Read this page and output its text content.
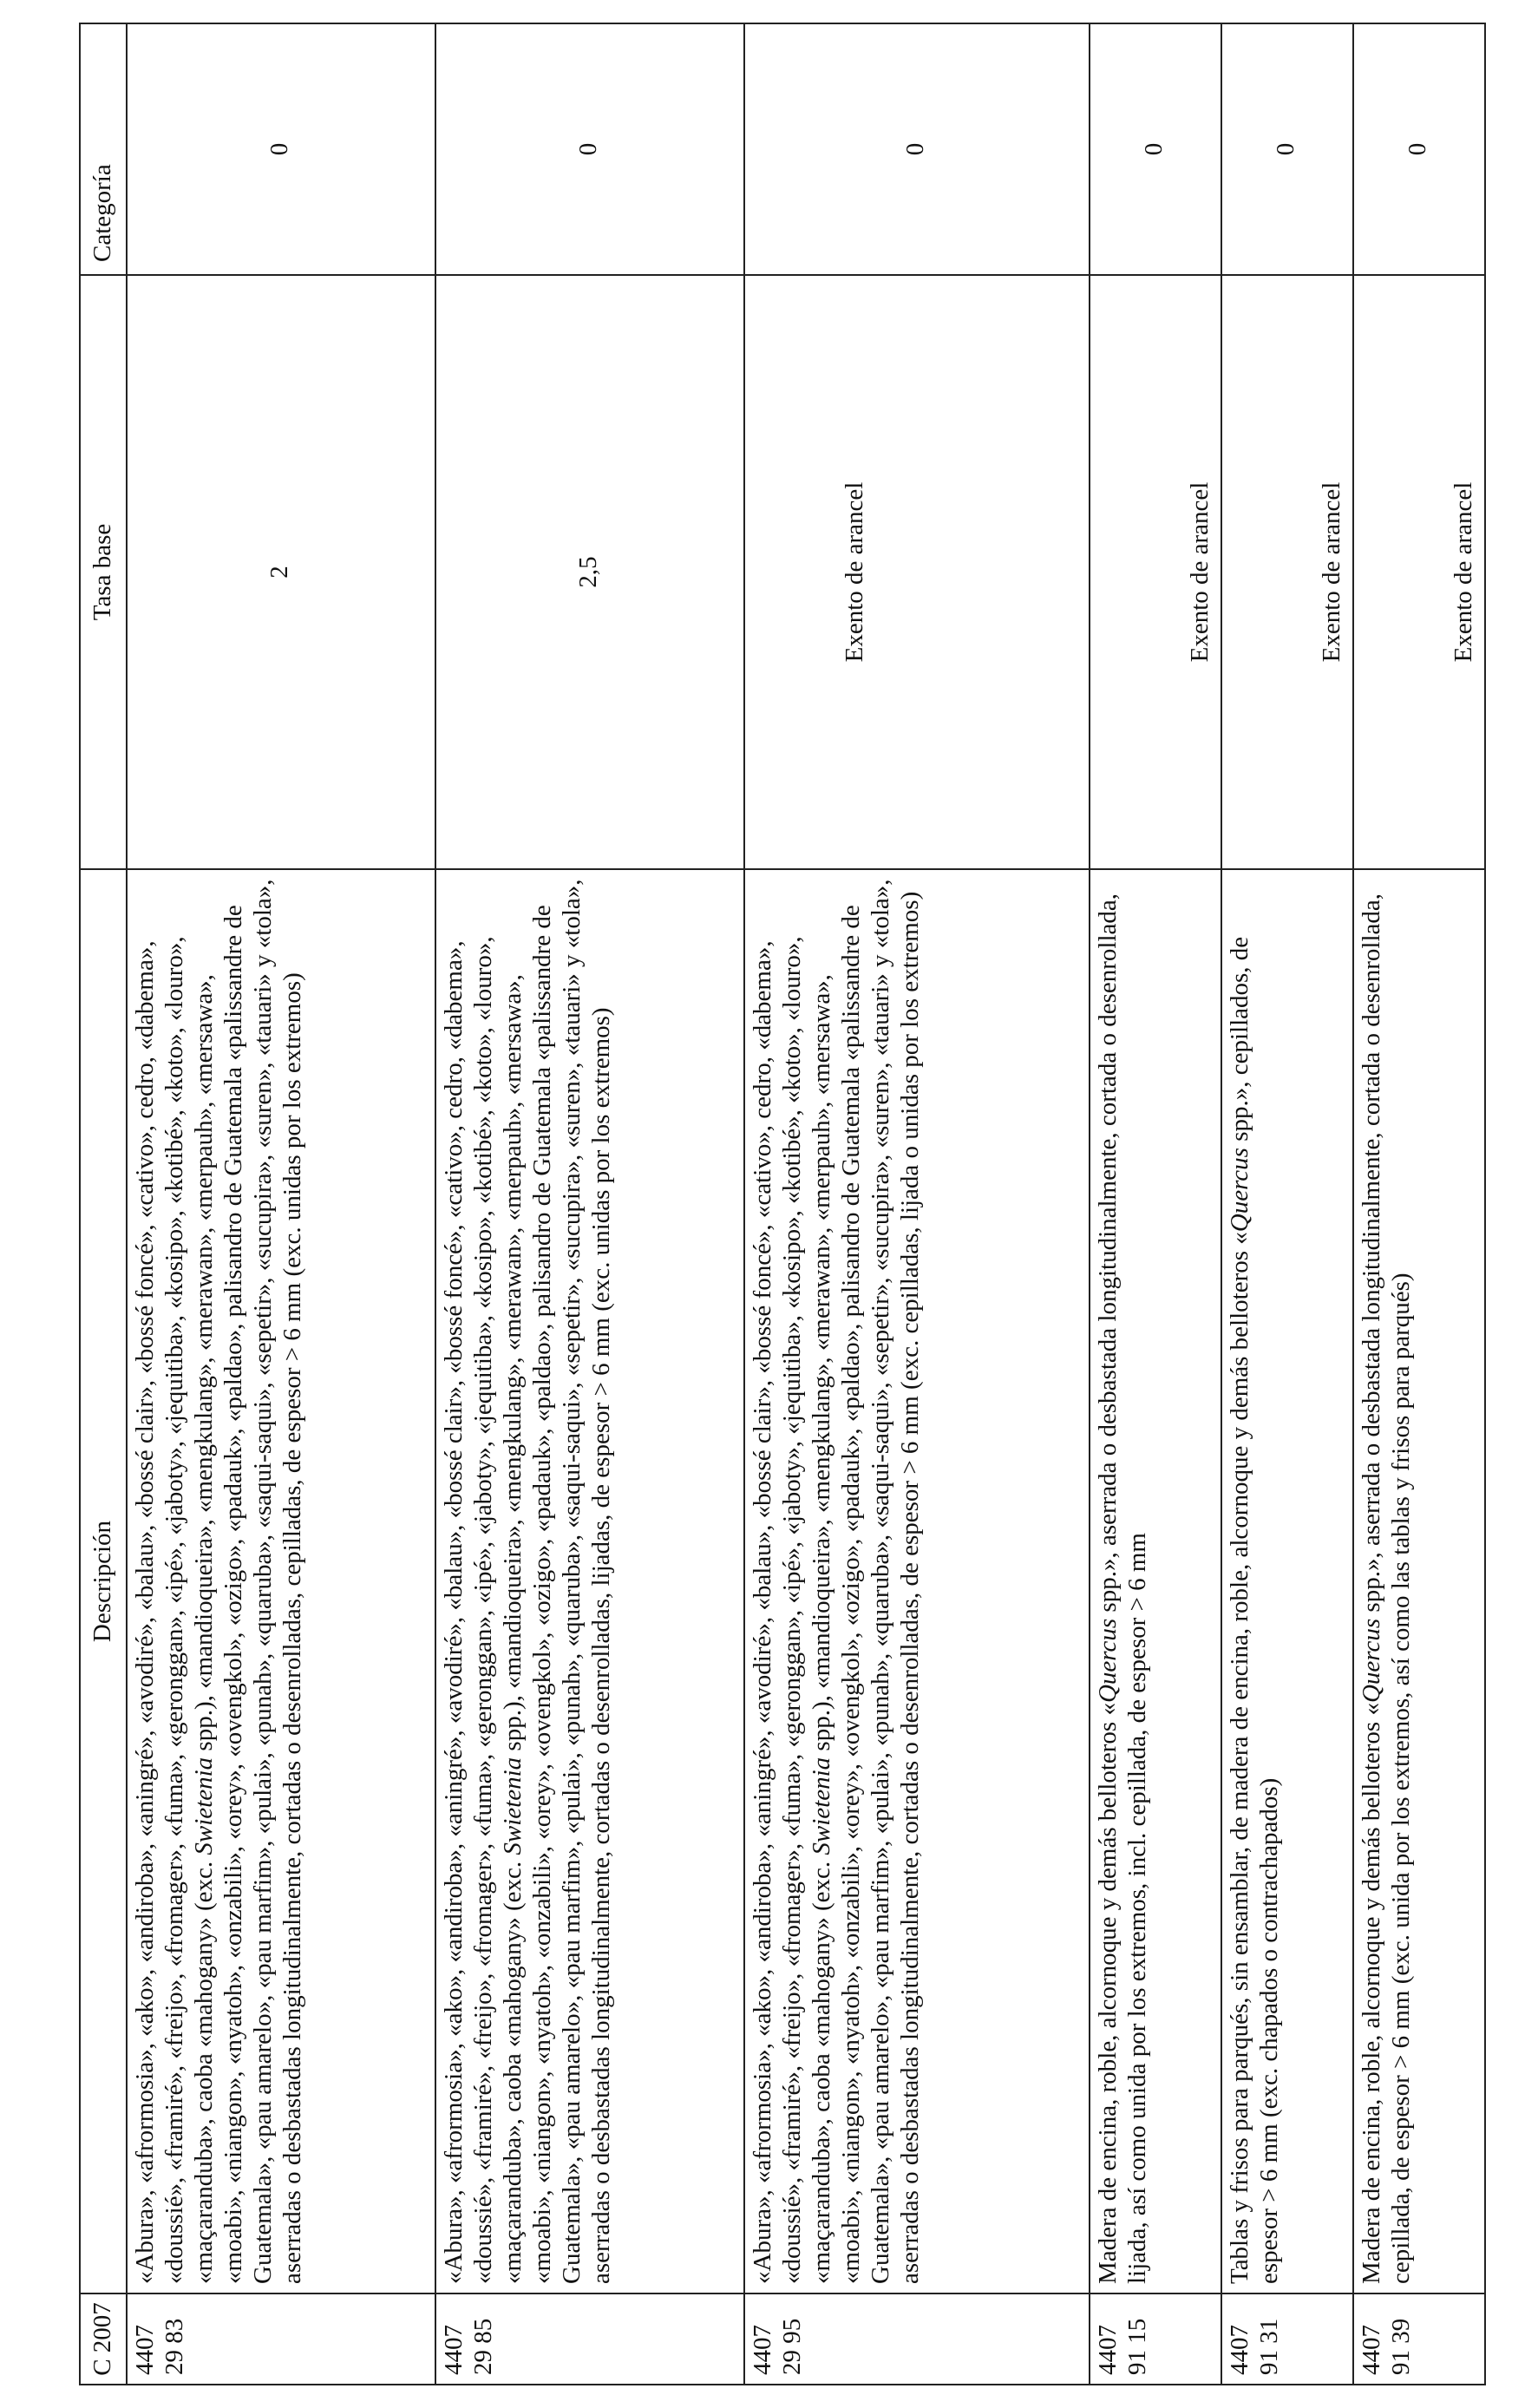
C 2007	Descripción	Tasa base	Categoría
4407 29 83	«Abura», «afrormosia», «ako», «andiroba», «aningré», «avodiré», «balau», «bossé clair», «bossé foncé», «cativo», cedro, «dabema», «doussié», «framiré», «freijo», «fromager», «fuma», «geronggan», «ipé», «jaboty», «jequitiba», «kosipo», «kotibé», «koto», «louro», «maçaranduba», caoba «mahogany» (exc. Swietenia spp.), «mandioqueira», «mengkulang», «merawan», «merpauh», «mersawa», «moabi», «niangon», «nyatoh», «onzabili», «orey», «ovengkol», «ozigo», «padauk», «paldao», palisandro de Guatemala «palissandre de Guatemala», «pau amarelo», «pau marfim», «pulai», «punah», «quaruba», «saqui-saqui», «sepetir», «sucupira», «suren», «tauari» y «tola», aserradas o desbastadas longitudinalmente, cortadas o desenrolladas, cepilladas, de espesor > 6 mm (exc. unidas por los extremos)	2	0
4407 29 85	«Abura», «afrormosia», «ako», «andiroba», «aningré», «avodiré», «balau», «bossé clair», «bossé foncé», «cativo», cedro, «dabema», «doussié», «framiré», «freijo», «fromager», «fuma», «geronggan», «ipé», «jaboty», «jequitiba», «kosipo», «kotibé», «koto», «louro», «maçaranduba», caoba «mahogany» (exc. Swietenia spp.), «mandioqueira», «mengkulang», «merawan», «merpauh», «mersawa», «moabi», «niangon», «nyatoh», «onzabili», «orey», «ovengkol», «ozigo», «padauk», «paldao», palisandro de Guatemala «palissandre de Guatemala», «pau amarelo», «pau marfim», «pulai», «punah», «quaruba», «saqui-saqui», «sepetir», «sucupira», «suren», «tauari» y «tola», aserradas o desbastadas longitudinalmente, cortadas o desenrolladas, lijadas, de espesor > 6 mm (exc. unidas por los extremos)	2,5	0
4407 29 95	«Abura», «afrormosia», «ako», «andiroba», «aningré», «avodiré», «balau», «bossé clair», «bossé foncé», «cativo», cedro, «dabema», «doussié», «framiré», «freijo», «fromager», «fuma», «geronggan», «ipé», «jaboty», «jequitiba», «kosipo», «kotibé», «koto», «louro», «maçaranduba», caoba «mahogany» (exc. Swietenia spp.), «mandioqueira», «mengkulang», «merawan», «merpauh», «mersawa», «moabi», «niangon», «nyatoh», «onzabili», «orey», «ovengkol», «ozigo», «padauk», «paldao», palisandro de Guatemala «palissandre de Guatemala», «pau amarelo», «pau marfim», «pulai», «punah», «quaruba», «saqui-saqui», «sepetir», «sucupira», «suren», «tauari» y «tola», aserradas o desbastadas longitudinalmente, cortadas o desenrolladas, de espesor > 6 mm (exc. cepilladas, lijada o unidas por los extremos)	Exento de arancel	0
4407 91 15	Madera de encina, roble, alcornoque y demás belloteros «Quercus spp.», aserrada o desbastada longitudinalmente, cortada o desenrollada, lijada, así como unida por los extremos, incl. cepillada, de espesor > 6 mm	Exento de arancel	0
4407 91 31	Tablas y frisos para parqués, sin ensamblar, de madera de encina, roble, alcornoque y demás belloteros «Quercus spp.», cepillados, de espesor > 6 mm (exc. chapados o contrachapados)	Exento de arancel	0
4407 91 39	Madera de encina, roble, alcornoque y demás belloteros «Quercus spp.», aserrada o desbastada longitudinalmente, cortada o desenrollada, cepillada, de espesor > 6 mm (exc. unida por los extremos, así como las tablas y frisos para parqués)	Exento de arancel	0
